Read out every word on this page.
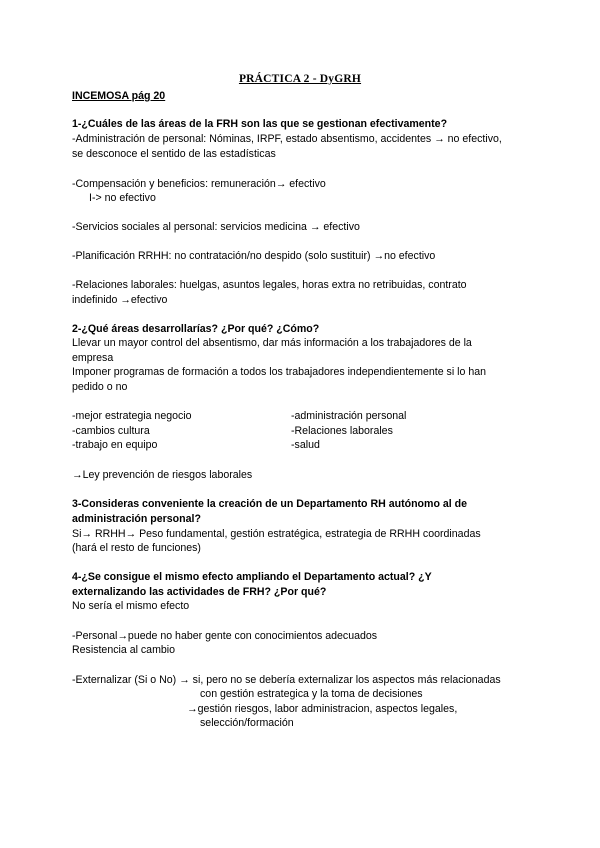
PRÁCTICA 2 - DyGRH
INCEMOSA pág 20
1-¿Cuáles de las áreas de la FRH son las que se gestionan efectivamente?
-Administración de personal: Nóminas, IRPF, estado absentismo, accidentes → no efectivo,
se desconoce el sentido de las estadísticas
-Compensación y beneficios: remuneración→ efectivo
I-> no efectivo
-Servicios sociales al personal: servicios medicina → efectivo
-Planificación RRHH: no contratación/no despido (solo sustituir) →no efectivo
-Relaciones laborales: huelgas, asuntos legales, horas extra no retribuidas, contrato
indefinido →efectivo
2-¿Qué áreas desarrollarías? ¿Por qué? ¿Cómo?
Llevar un mayor control del absentismo, dar más información a los trabajadores de la
empresa
Imponer programas de formación a todos los trabajadores independientemente si lo han
pedido o no
-mejor estrategia negocio
-cambios cultura
-trabajo en equipo
-administración personal
-Relaciones laborales
-salud
→Ley prevención de riesgos laborales
3-Consideras conveniente la creación de un Departamento RH autónomo al de
administración personal?
Si→ RRHH→ Peso fundamental, gestión estratégica, estrategia de RRHH coordinadas
(hará el resto de funciones)
4-¿Se consigue el mismo efecto ampliando el Departamento actual? ¿Y
externalizando las actividades de FRH? ¿Por qué?
No sería el mismo efecto
-Personal→puede no haber gente con conocimientos adecuados
Resistencia al cambio
-Externalizar (Si o No) → si, pero no se debería externalizar los aspectos más relacionadas
con gestión estrategica y la toma de decisiones
→gestión riesgos, labor administracion, aspectos legales,
selección/formación
